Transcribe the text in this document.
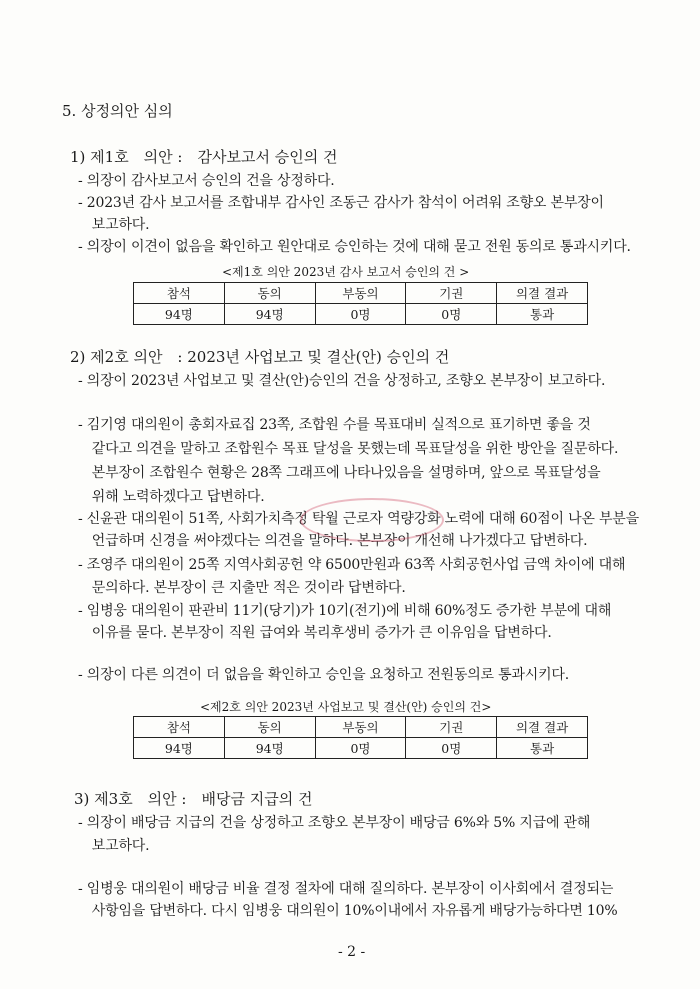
5. 상정의안 심의
1) 제1호　의안 :　감사보고서 승인의 건
- 의장이 감사보고서 승인의 건을 상정하다.
- 2023년 감사 보고서를 조합내부 감사인 조동근 감사가 참석이 어려워 조향오 본부장이
　보고하다.
- 의장이 이견이 없음을 확인하고 원안대로 승인하는 것에 대해 묻고 전원 동의로 통과시키다.
<제1호 의안 2023년 감사 보고서 승인의 건 >
참석	동의	부동의	기권	의결 결과
94명	94명	0명	0명	통과
2) 제2호 의안　: 2023년 사업보고 및 결산(안) 승인의 건
- 의장이 2023년 사업보고 및 결산(안)승인의 건을 상정하고, 조향오 본부장이 보고하다.
- 김기영 대의원이 총회자료집 23쪽, 조합원 수를 목표대비 실적으로 표기하면 좋을 것
　같다고 의견을 말하고 조합원수 목표 달성을 못했는데 목표달성을 위한 방안을 질문하다.
　본부장이 조합원수 현황은 28쪽 그래프에 나타나있음을 설명하며, 앞으로 목표달성을
　위해 노력하겠다고 답변하다.
- 신윤관 대의원이 51쪽, 사회가치측정 탁월 근로자 역량강화 노력에 대해 60점이 나온 부분을
　언급하며 신경을 써야겠다는 의견을 말하다. 본부장이 개선해 나가겠다고 답변하다.
- 조영주 대의원이 25쪽 지역사회공헌 약 6500만원과 63쪽 사회공헌사업 금액 차이에 대해
　문의하다. 본부장이 큰 지출만 적은 것이라 답변하다.
- 임병웅 대의원이 판관비 11기(당기)가 10기(전기)에 비해 60%정도 증가한 부분에 대해
　이유를 묻다. 본부장이 직원 급여와 복리후생비 증가가 큰 이유임을 답변하다.
- 의장이 다른 의견이 더 없음을 확인하고 승인을 요청하고 전원동의로 통과시키다.
<제2호 의안 2023년 사업보고 및 결산(안) 승인의 건>
참석	동의	부동의	기권	의결 결과
94명	94명	0명	0명	통과
3) 제3호　의안 :　배당금 지급의 건
- 의장이 배당금 지급의 건을 상정하고 조향오 본부장이 배당금 6%와 5% 지급에 관해
　보고하다.
- 임병웅 대의원이 배당금 비율 결정 절차에 대해 질의하다. 본부장이 이사회에서 결정되는
　사항임을 답변하다. 다시 임병웅 대의원이 10%이내에서 자유롭게 배당가능하다면 10%
- 2 -
